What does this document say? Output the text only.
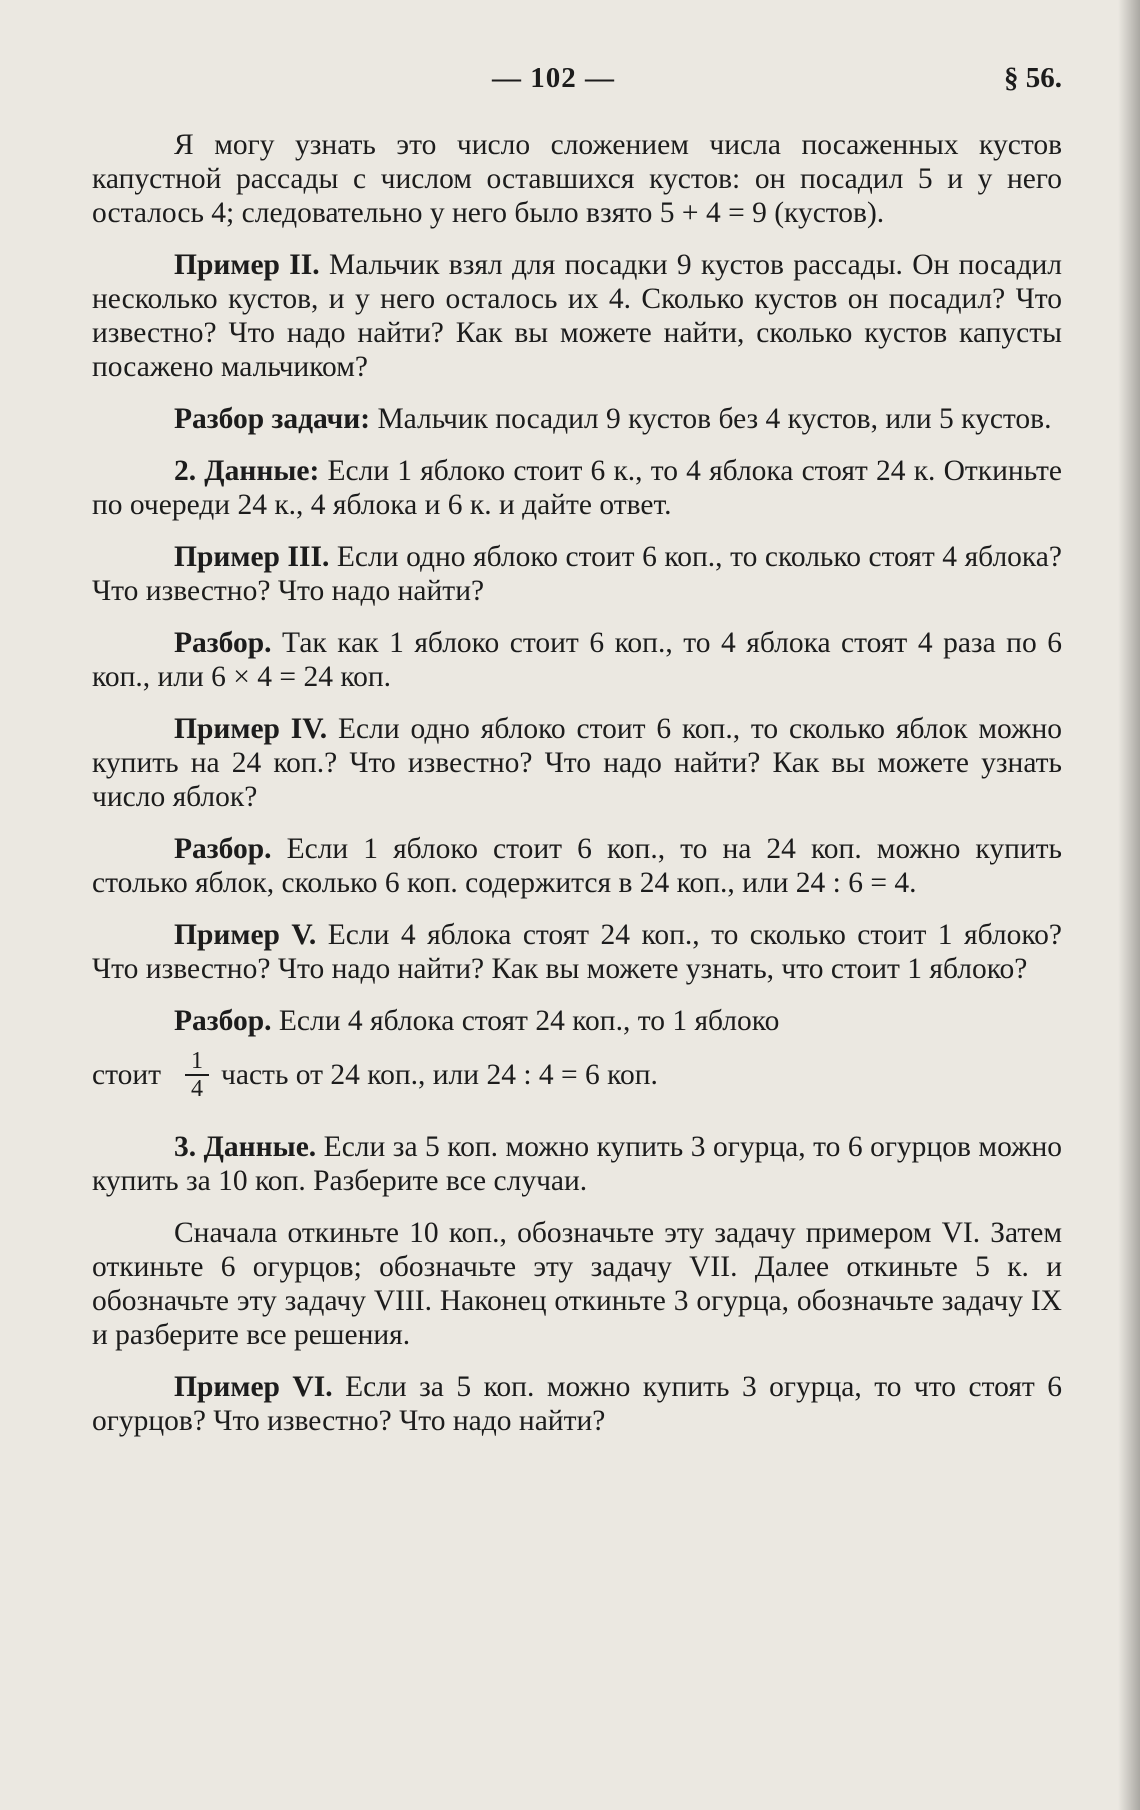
— 102 —	§ 56.

Я могу узнать это число сложением числа посаженных кустов капустной рассады с числом оставшихся кустов: он посадил 5 и у него осталось 4; следовательно у него было взято 5 + 4 = 9 (кустов).

Пример II. Мальчик взял для посадки 9 кустов рассады. Он посадил несколько кустов, и у него осталось их 4. Сколько кустов он посадил? Что известно? Что надо найти? Как вы можете найти, сколько кустов капусты посажено мальчиком?

Разбор задачи: Мальчик посадил 9 кустов без 4 кустов, или 5 кустов.

2. Данные: Если 1 яблоко стоит 6 к., то 4 яблока стоят 24 к. Откиньте по очереди 24 к., 4 яблока и 6 к. и дайте ответ.

Пример III. Если одно яблоко стоит 6 коп., то сколько стоят 4 яблока? Что известно? Что надо найти?

Разбор. Так как 1 яблоко стоит 6 коп., то 4 яблока стоят 4 раза по 6 коп., или 6 × 4 = 24 коп.

Пример IV. Если одно яблоко стоит 6 коп., то сколько яблок можно купить на 24 коп.? Что известно? Что надо найти? Как вы можете узнать число яблок?

Разбор. Если 1 яблоко стоит 6 коп., то на 24 коп. можно купить столько яблок, сколько 6 коп. содержится в 24 коп., или 24 : 6 = 4.

Пример V. Если 4 яблока стоят 24 коп., то сколько стоит 1 яблоко? Что известно? Что надо найти? Как вы можете узнать, что стоит 1 яблоко?

Разбор. Если 4 яблока стоят 24 коп., то 1 яблоко

стоит $\frac{1}{4}$ часть от 24 коп., или 24 : 4 = 6 коп.

3. Данные. Если за 5 коп. можно купить 3 огурца, то 6 огурцов можно купить за 10 коп. Разберите все случаи.

Сначала откиньте 10 коп., обозначьте эту задачу примером VI. Затем откиньте 6 огурцов; обозначьте эту задачу VII. Далее откиньте 5 к. и обозначьте эту задачу VIII. Наконец откиньте 3 огурца, обозначьте задачу IX и разберите все решения.

Пример VI. Если за 5 коп. можно купить 3 огурца, то что стоят 6 огурцов? Что известно? Что надо найти?
